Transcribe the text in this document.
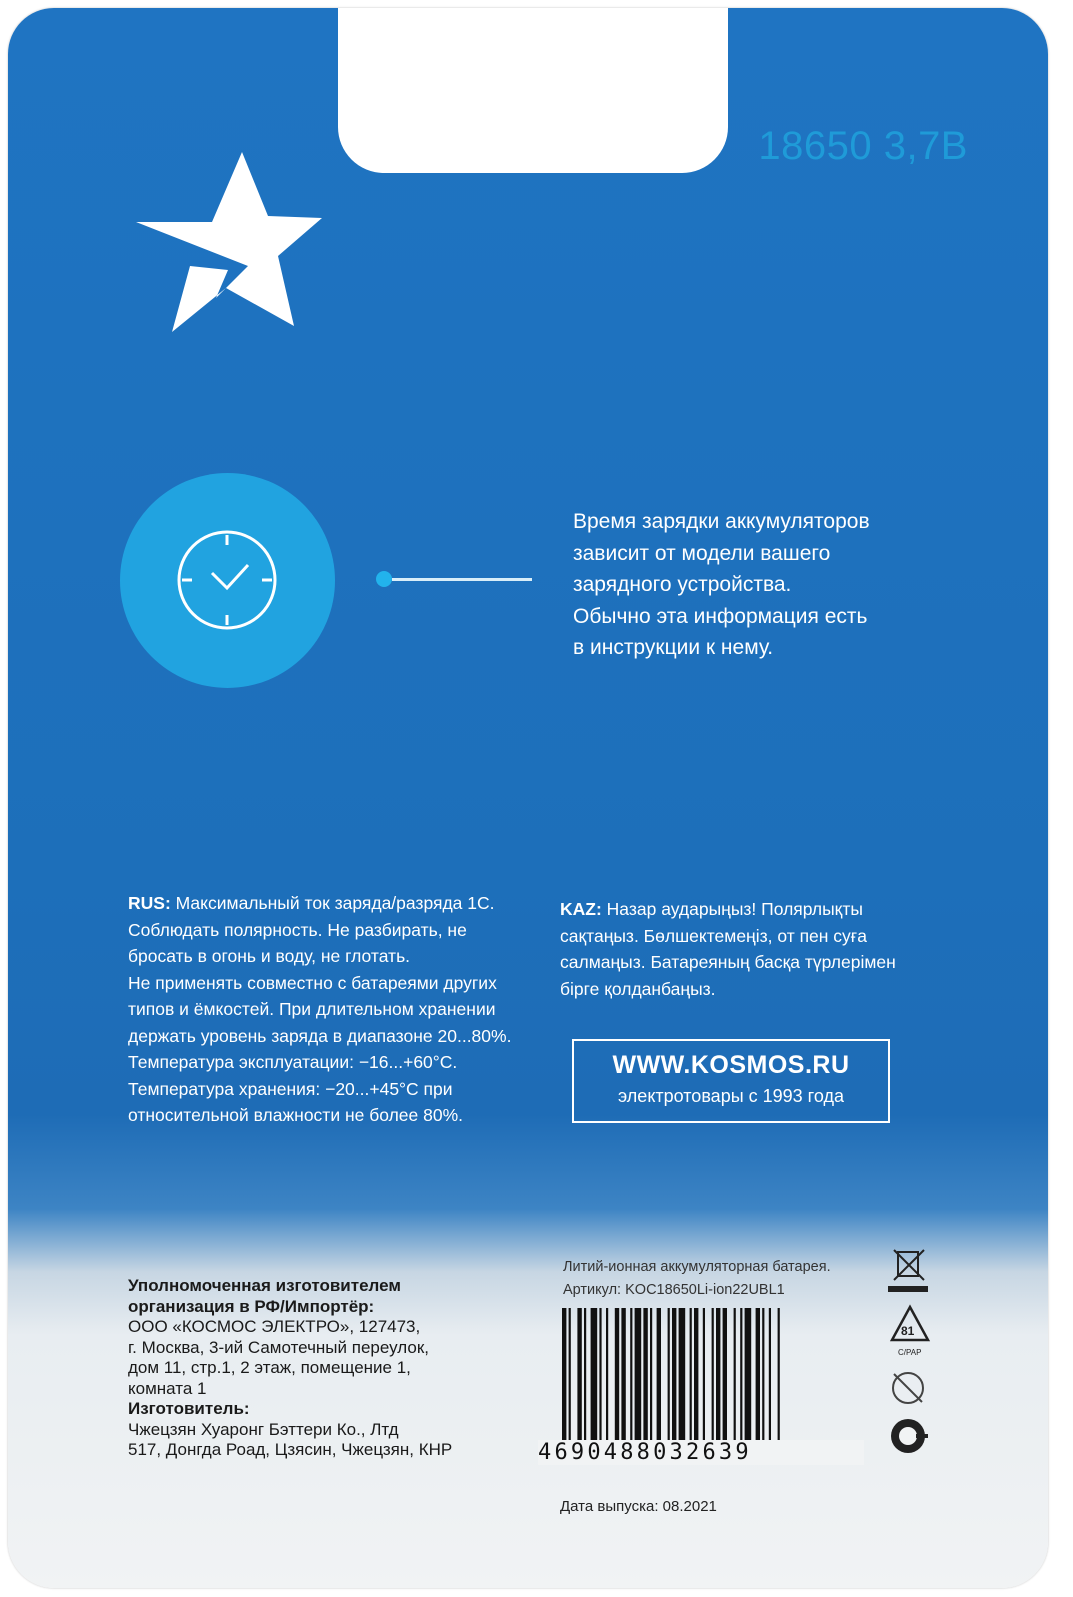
18650 3,7В
Время зарядки аккумуляторов
зависит от модели вашего
зарядного устройства.
Обычно эта информация есть
в инструкции к нему.
RUS: Максимальный ток заряда/разряда 1С.
Соблюдать полярность. Не разбирать, не
бросать в огонь и воду, не глотать.
Не применять совместно с батареями других
типов и ёмкостей. При длительном хранении
держать уровень заряда в диапазоне 20...80%.
Температура эксплуатации: −16...+60°С.
Температура хранения: −20...+45°С при
относительной влажности не более 80%.
KAZ: Назар аударыңыз! Полярлықты
сақтаңыз. Бөлшектемеңіз, от пен суға
салмаңыз. Батареяның басқа түрлерімен
бірге қолданбаңыз.
WWW.KOSMOS.RU
электротовары с 1993 года
Уполномоченная изготовителем
организация в РФ/Импортёр:
ООО «КОСМОС ЭЛЕКТРО», 127473,
г. Москва, 3-ий Самотечный переулок,
дом 11, стр.1, 2 этаж, помещение 1,
комната 1
Изготовитель:
Чжецзян Хуаронг Бэттери Ко., Лтд
517, Донгда Роад, Цзясин, Чжецзян, КНР
Литий-ионная аккумуляторная батарея.
Артикул: KOC18650Li-ion22UBL1
4690488032639
Дата выпуска: 08.2021
81
C/PAP
